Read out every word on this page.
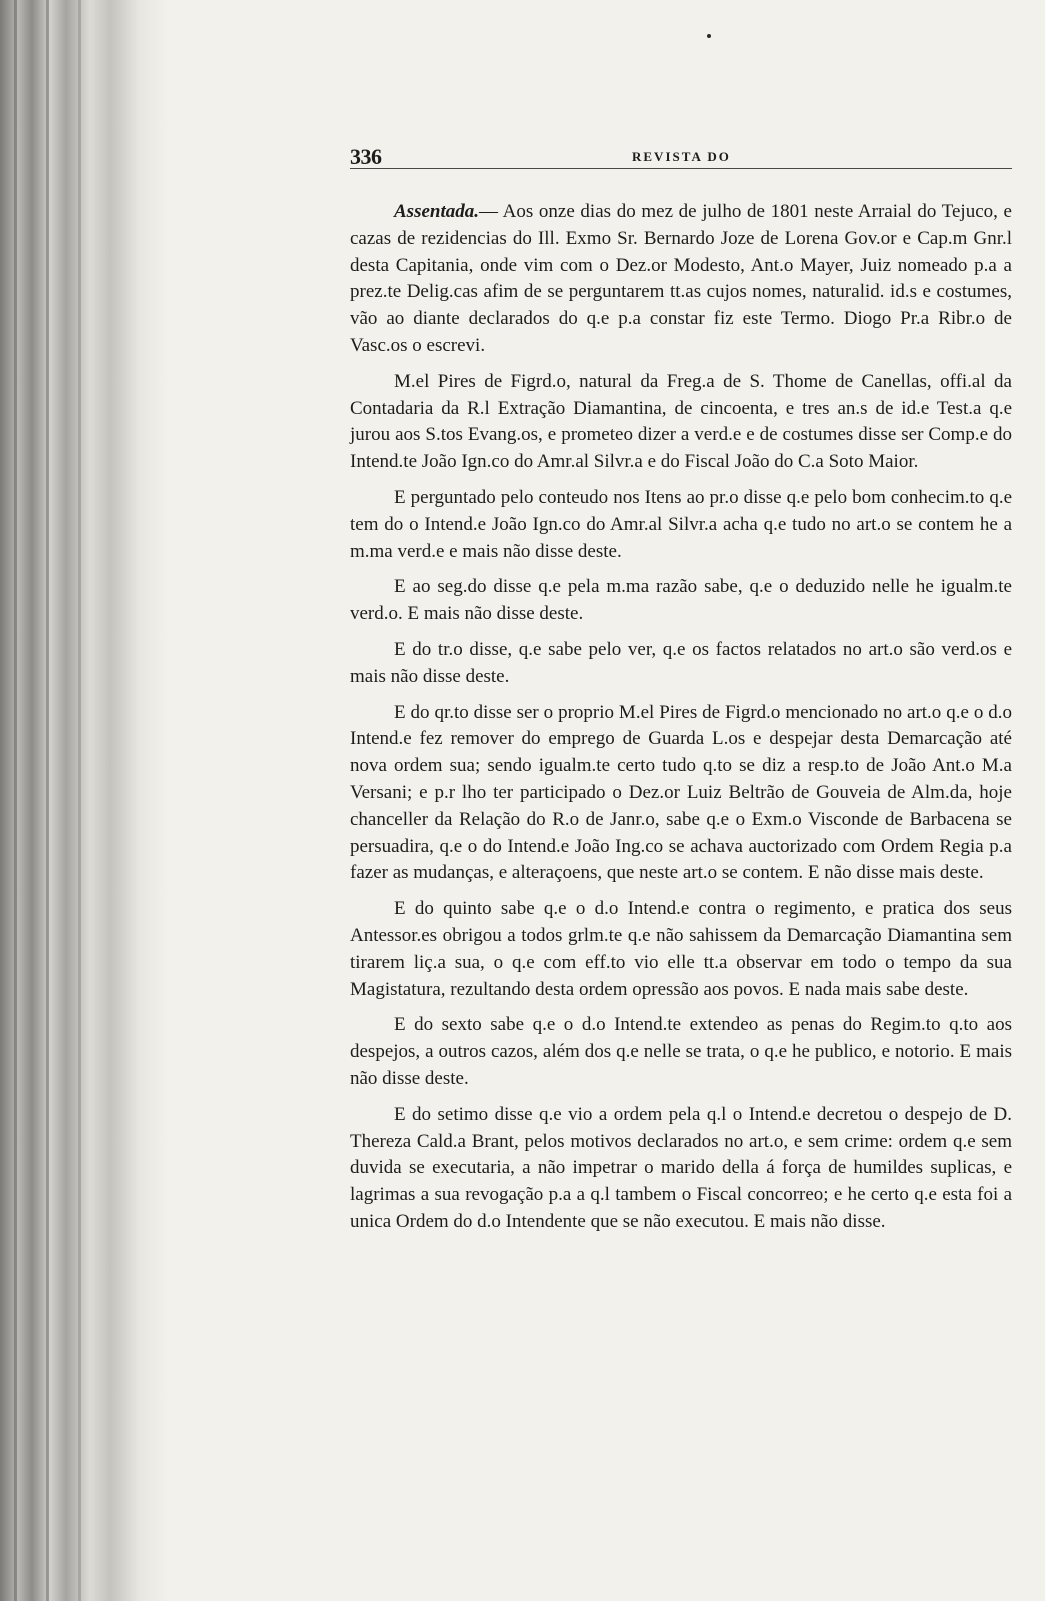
336	REVISTA DO

Assentada.— Aos onze dias do mez de julho de 1801 neste Arraial do Tejuco, e cazas de rezidencias do Ill. Exmo Sr. Bernardo Joze de Lorena Gov.or e Cap.m Gnr.l desta Capitania, onde vim com o Dez.or Modesto, Ant.o Mayer, Juiz nomeado p.a a prez.te Delig.cas afim de se perguntarem tt.as cujos nomes, naturalid. id.s e costumes, vão ao diante declarados do q.e p.a constar fiz este Termo. Diogo Pr.a Ribr.o de Vasc.os o escrevi.

M.el Pires de Figrd.o, natural da Freg.a de S. Thome de Canellas, offi.al da Contadaria da R.l Extração Diamantina, de cincoenta, e tres an.s de id.e Test.a q.e jurou aos S.tos Evang.os, e prometeo dizer a verd.e e de costumes disse ser Comp.e do Intend.te João Ign.co do Amr.al Silvr.a e do Fiscal João do C.a Soto Maior.

E perguntado pelo conteudo nos Itens ao pr.o disse q.e pelo bom conhecim.to q.e tem do o Intend.e João Ign.co do Amr.al Silvr.a acha q.e tudo no art.o se contem he a m.ma verd.e e mais não disse deste.

E ao seg.do disse q.e pela m.ma razão sabe, q.e o deduzido nelle he igualm.te verd.o. E mais não disse deste.

E do tr.o disse, q.e sabe pelo ver, q.e os factos relatados no art.o são verd.os e mais não disse deste.

E do qr.to disse ser o proprio M.el Pires de Figrd.o mencionado no art.o q.e o d.o Intend.e fez remover do emprego de Guarda L.os e despejar desta Demarcação até nova ordem sua; sendo igualm.te certo tudo q.to se diz a resp.to de João Ant.o M.a Versani; e p.r lho ter participado o Dez.or Luiz Beltrão de Gouveia de Alm.da, hoje chanceller da Relação do R.o de Janr.o, sabe q.e o Exm.o Visconde de Barbacena se persuadira, q.e o do Intend.e João Ing.co se achava auctorizado com Ordem Regia p.a fazer as mudanças, e alteraçoens, que neste art.o se contem. E não disse mais deste.

E do quinto sabe q.e o d.o Intend.e contra o regimento, e pratica dos seus Antessor.es obrigou a todos grlm.te q.e não sahissem da Demarcação Diamantina sem tirarem liç.a sua, o q.e com eff.to vio elle tt.a observar em todo o tempo da sua Magistatura, rezultando desta ordem opressão aos povos. E nada mais sabe deste.

E do sexto sabe q.e o d.o Intend.te extendeo as penas do Regim.to q.to aos despejos, a outros cazos, além dos q.e nelle se trata, o q.e he publico, e notorio. E mais não disse deste.

E do setimo disse q.e vio a ordem pela q.l o Intend.e decretou o despejo de D. Thereza Cald.a Brant, pelos motivos declarados no art.o, e sem crime: ordem q.e sem duvida se executaria, a não impetrar o marido della á força de humildes suplicas, e lagrimas a sua revogação p.a a q.l tambem o Fiscal concorreo; e he certo q.e esta foi a unica Ordem do d.o Intendente que se não executou. E mais não disse.
